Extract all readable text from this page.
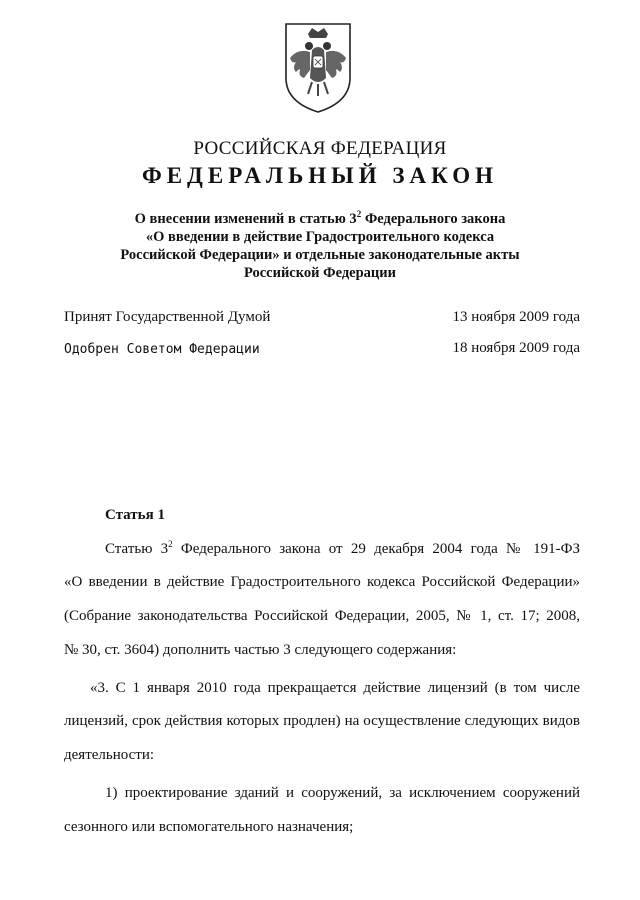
РОССИЙСКАЯ ФЕДЕРАЦИЯ
ФЕДЕРАЛЬНЫЙ ЗАКОН
О внесении изменений в статью $3^2$ Федерального закона
«О введении в действие Градостроительного кодекса
Российской Федерации» и отдельные законодательные акты
Российской Федерации
Принят Государственной Думой	13 ноября 2009 года
Одобрен Советом Федерации	18 ноября 2009 года
Статья 1
Статью $3^2$ Федерального закона от 29 декабря 2004 года № 191-ФЗ
«О введении в действие Градостроительного кодекса Российской Федерации»
(Собрание законодательства Российской Федерации, 2005, № 1, ст. 17; 2008,
№ 30, ст. 3604) дополнить частью 3 следующего содержания:
«3. С 1 января 2010 года прекращается действие лицензий (в том числе
лицензий, срок действия которых продлен) на осуществление следующих видов
деятельности:
1) проектирование зданий и сооружений, за исключением сооружений
сезонного или вспомогательного назначения;
